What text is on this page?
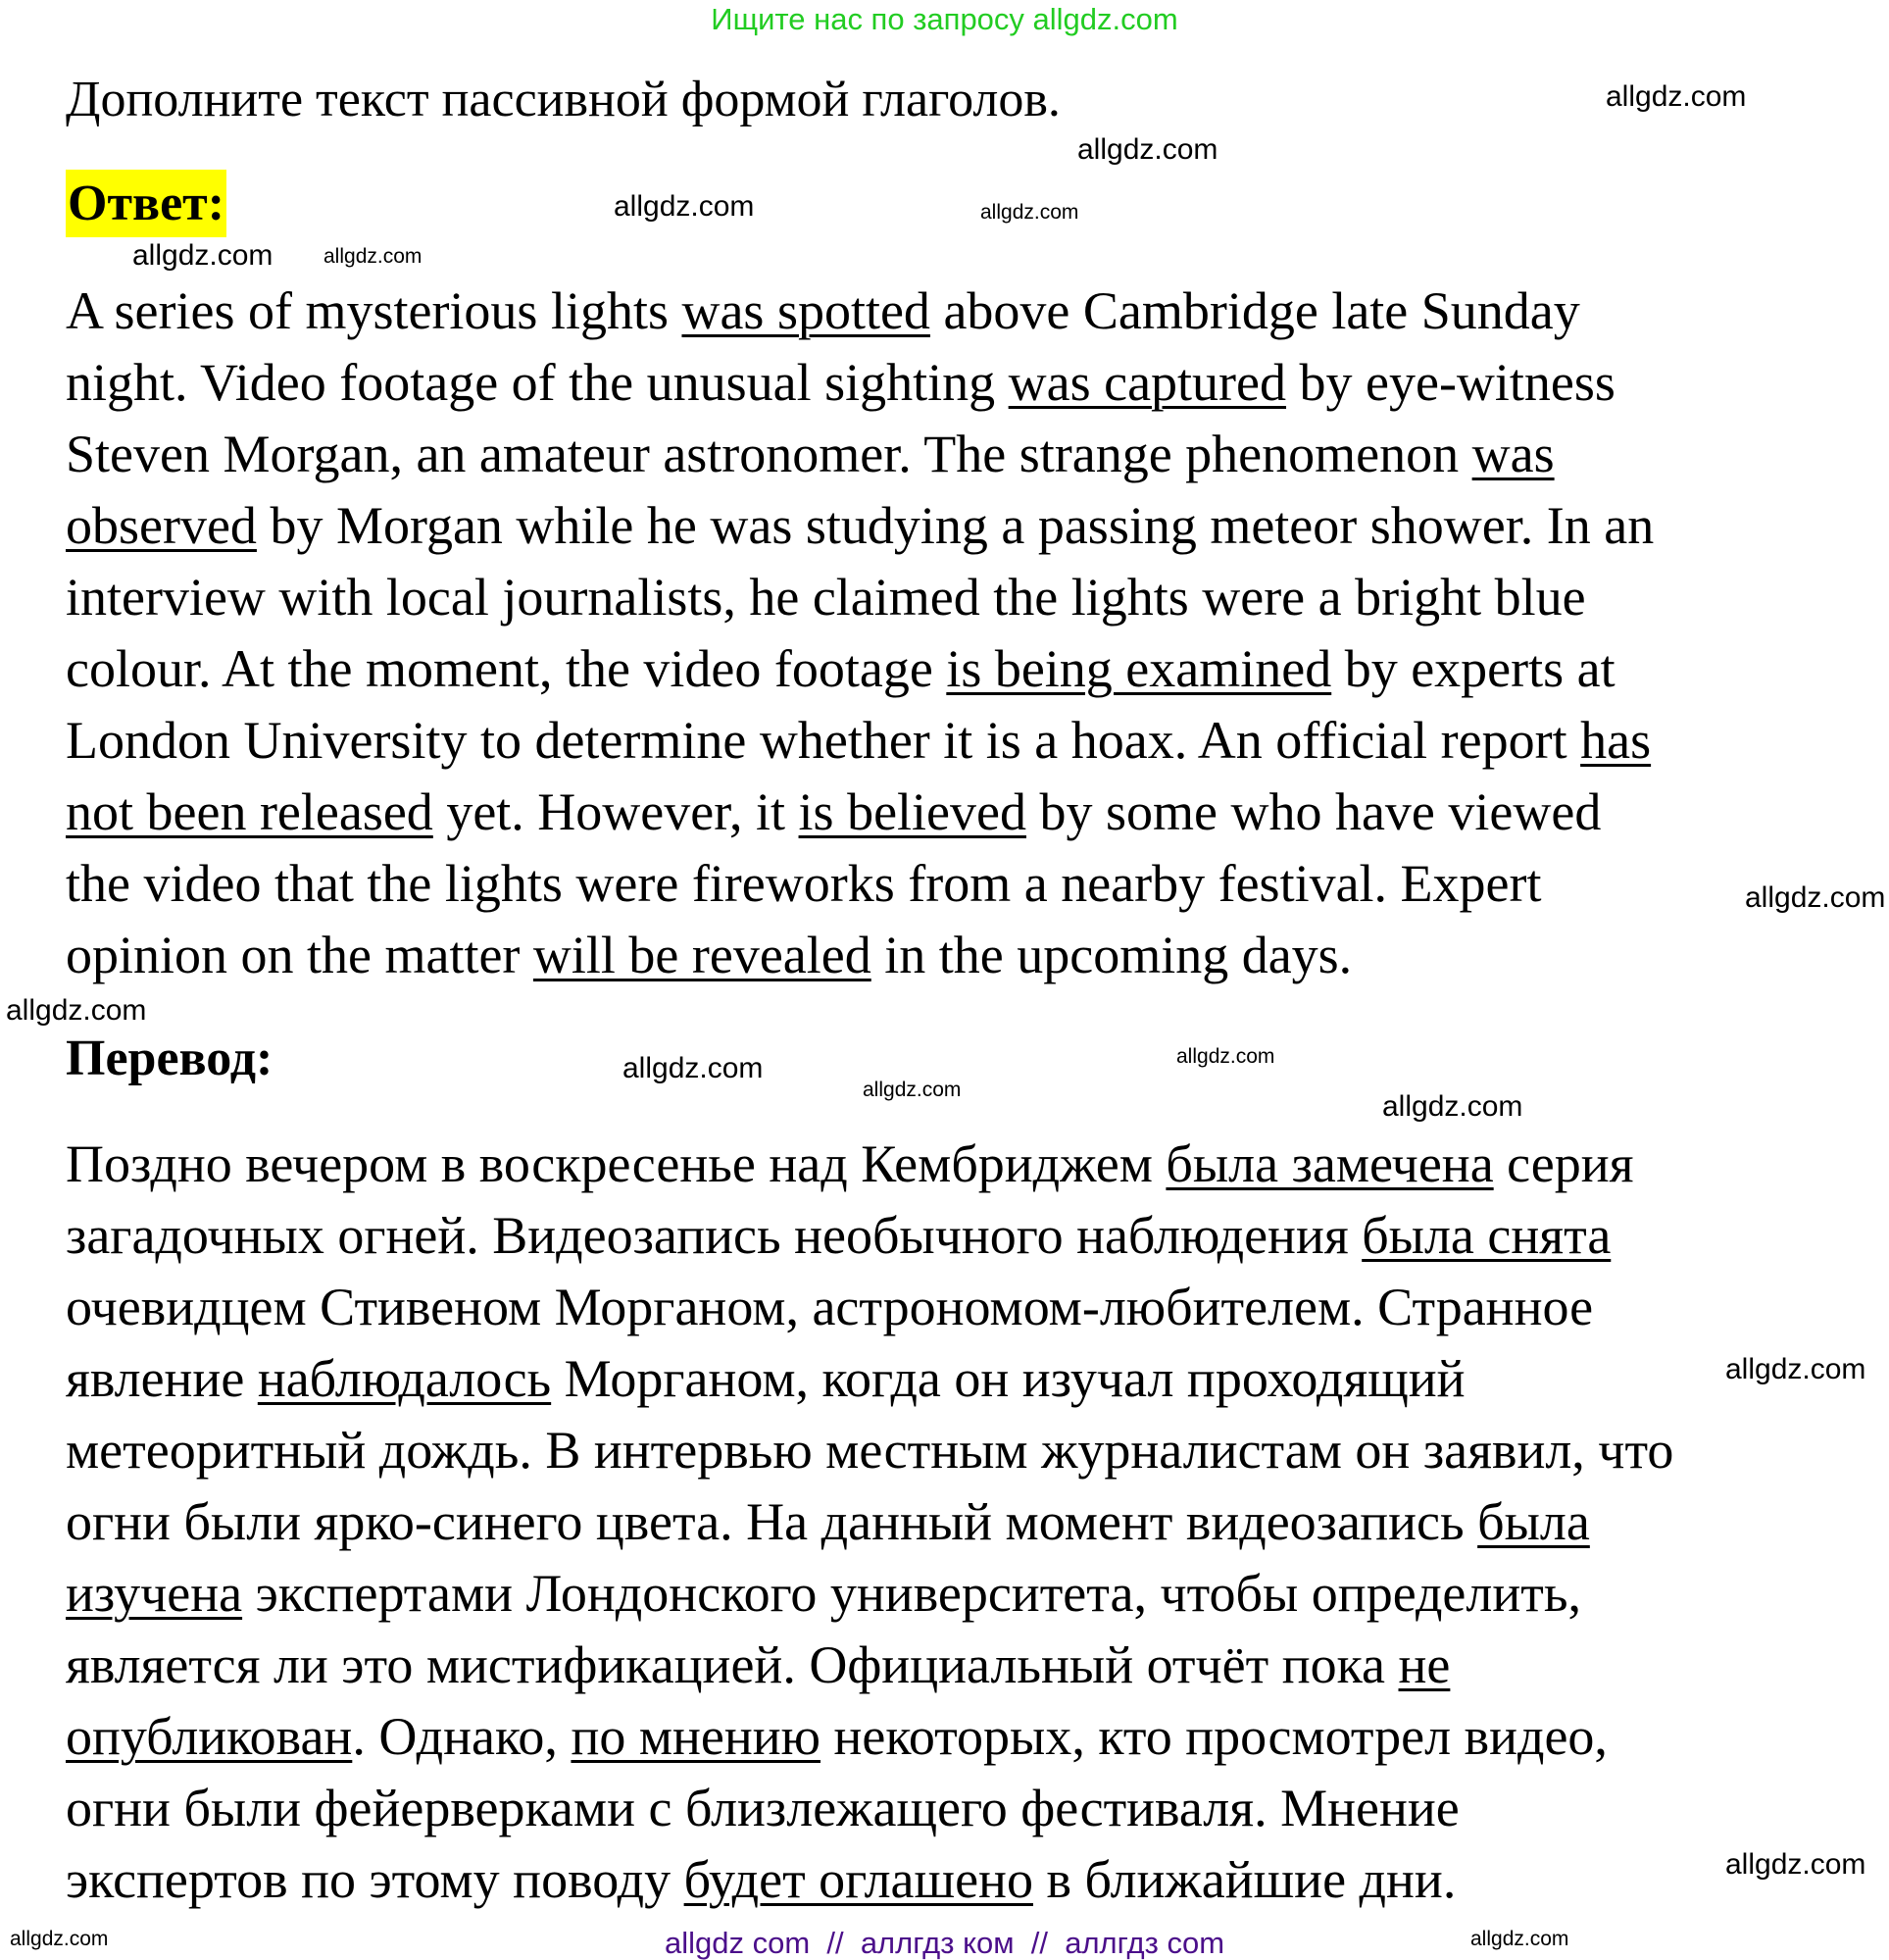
Ищите нас по запросу allgdz.com
Дополните текст пассивной формой глаголов.
Ответ:
A series of mysterious lights was spotted above Cambridge late Sunday
night. Video footage of the unusual sighting was captured by eye-witness
Steven Morgan, an amateur astronomer. The strange phenomenon was
observed by Morgan while he was studying a passing meteor shower. In an
interview with local journalists, he claimed the lights were a bright blue
colour. At the moment, the video footage is being examined by experts at
London University to determine whether it is a hoax. An official report has
not been released yet. However, it is believed by some who have viewed
the video that the lights were fireworks from a nearby festival. Expert
opinion on the matter will be revealed in the upcoming days.
Перевод:
Поздно вечером в воскресенье над Кембриджем была замечена серия
загадочных огней. Видеозапись необычного наблюдения была снята
очевидцем Стивеном Морганом, астрономом-любителем. Странное
явление наблюдалось Морганом, когда он изучал проходящий
метеоритный дождь. В интервью местным журналистам он заявил, что
огни были ярко-синего цвета. На данный момент видеозапись была
изучена экспертами Лондонского университета, чтобы определить,
является ли это мистификацией. Официальный отчёт пока не
опубликован. Однако, по мнению некоторых, кто просмотрел видео,
огни были фейерверками с близлежащего фестиваля. Мнение
экспертов по этому поводу будет оглашено в ближайшие дни.
allgdz.com
allgdz.com
allgdz.com
allgdz.com
allgdz.com
allgdz.com
allgdz.com
allgdz.com
allgdz.com
allgdz.com
allgdz.com
allgdz.com
allgdz.com
allgdz.com	allgdz.com
allgdz.com
allgdz com  //  аллгдз ком  //  аллгдз com
